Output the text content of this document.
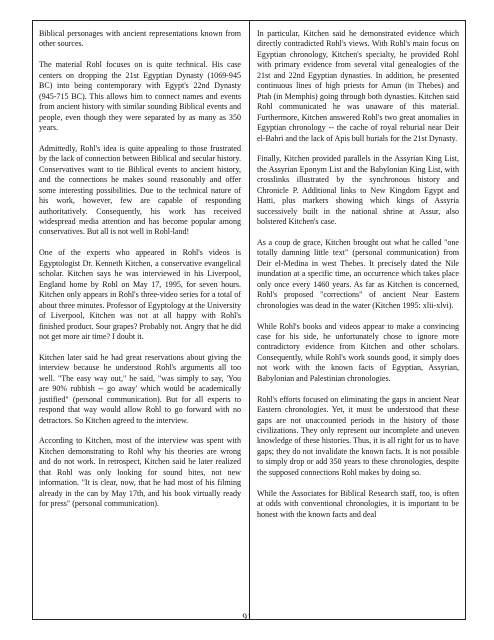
Biblical personages with ancient representations known from other sources.

The material Rohl focuses on is quite technical. His case centers on dropping the 21st Egyptian Dynasty (1069-945 BC) into being contemporary with Egypt's 22nd Dynasty (945-715 BC). This allows him to connect names and events from ancient history with similar sounding Biblical events and people, even though they were separated by as many as 350 years.

Admittedly, Rohl's idea is quite appealing to those frustrated by the lack of connection between Biblical and secular history. Conservatives want to tie Biblical events to ancient history, and the connections he makes sound reasonably and offer some interesting possibilities. Due to the technical nature of his work, however, few are capable of responding authoritatively. Consequently, his work has received widespread media attention and has become popular among conservatives. But all is not well in Rohl-land!

One of the experts who appeared in Rohl's videos is Egyptologist Dr. Kenneth Kitchen, a conservative evangelical scholar. Kitchen says he was interviewed in his Liverpool, England home by Rohl on May 17, 1995, for seven hours. Kitchen only appears in Rohl's three-video series for a total of about three minutes. Professor of Egyptology at the University of Liverpool, Kitchen was not at all happy with Rohl's finished product. Sour grapes? Probably not. Angry that he did not get more air time? I doubt it.

Kitchen later said he had great reservations about giving the interview because he understood Rohl's arguments all too well. "The easy way out," he said, "was simply to say, 'You are 90% rubbish -- go away' which would be academically justified" (personal communication). But for all experts to respond that way would allow Rohl to go forward with no detractors. So Kitchen agreed to the interview.

According to Kitchen, most of the interview was spent with Kitchen demonstrating to Rohl why his theories are wrong and do not work. In retrospect, Kitchen said he later realized that Rohl was only looking for sound bites, not new information. "It is clear, now, that he had most of his filming already in the can by May 17th, and his book virtually ready for press" (personal communication).

In particular, Kitchen said he demonstrated evidence which directly contradicted Rohl's views. With Rohl's main focus on Egyptian chronology, Kitchen's specialty, he provided Rohl with primary evidence from several vital genealogies of the 21st and 22nd Egyptian dynasties. In addition, he presented continuous lines of high priests for Amun (in Thebes) and Ptah (in Memphis) going through both dynasties. Kitchen said Rohl communicated he was unaware of this material. Furthermore, Kitchen answered Rohl's two great anomalies in Egyptian chronology -- the cache of royal reburial near Deir el-Bahri and the lack of Apis bull burials for the 21st Dynasty.

Finally, Kitchen provided parallels in the Assyrian King List, the Assyrian Eponym List and the Babylonian King List, with crosslinks illustrated by the synchronous history and Chronicle P. Additional links to New Kingdom Egypt and Hatti, plus markers showing which kings of Assyria successively built in the national shrine at Assur, also bolstered Kitchen's case.

As a coup de grace, Kitchen brought out what he called "one totally damning little text" (personal communication) from Deir el-Medina in west Thebes. It precisely dated the Nile inundation at a specific time, an occurrence which takes place only once every 1460 years. As far as Kitchen is concerned, Rohl's proposed "corrections" of ancient Near Eastern chronologies was dead in the water (Kitchen 1995: xlii-xlvi).

While Rohl's books and videos appear to make a convincing case for his side, he unfortunately chose to ignore more contradictory evidence from Kitchen and other scholars. Consequently, while Rohl's work sounds good, it simply does not work with the known facts of Egyptian, Assyrian, Babylonian and Palestinian chronologies.

Rohl's efforts focused on eliminating the gaps in ancient Near Eastern chronologies. Yet, it must be understood that these gaps are not unaccounted periods in the history of those civilizations. They only represent our incomplete and uneven knowledge of these histories. Thus, it is all right for us to have gaps; they do not invalidate the known facts. It is not possible to simply drop or add 350 years to these chronologies, despite the supposed connections Rohl makes by doing so.

While the Associates for Biblical Research staff, too, is often at odds with conventional chronologies, it is important to be honest with the known facts and deal

91
